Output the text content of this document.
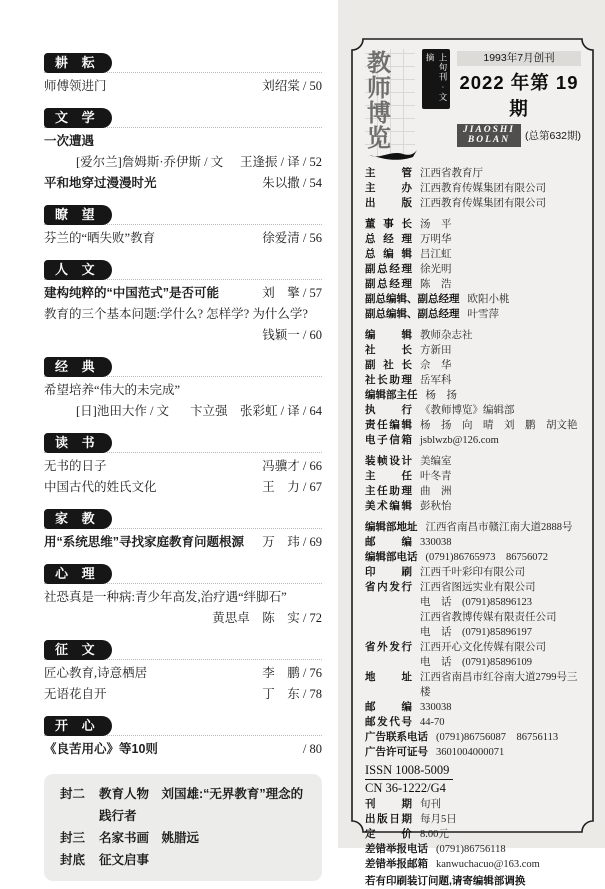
耕 耘
师傅领进门	刘绍棠 / 50
文 学
一次遭遇
[爱尔兰]詹姆斯·乔伊斯 / 文 王逢振 / 译 / 52
平和地穿过漫漫时光	朱以撒 / 54
瞭 望
芬兰的“晒失败”教育	徐爱清 / 56
人 文
建构纯粹的“中国范式”是否可能	刘　擎 / 57
教育的三个基本问题:学什么? 怎样学? 为什么学?
钱颖一 / 60
经 典
希望培养“伟大的未完成”
[日]池田大作 / 文 卞立强　张彩虹 / 译 / 64
读 书
无书的日子	冯骥才 / 66
中国古代的姓氏文化	王　力 / 67
家 教
用“系统思维”寻找家庭教育问题根源 万　玮 / 69
心 理
社恐真是一种病:青少年高发,治疗遇“绊脚石”
黄思卓　陈　实 / 72
征 文
匠心教育,诗意栖居	李　鹏 / 76
无语花自开	丁　东 / 78
开 心
《良苦用心》等10则	/ 80
封二 教育人物　刘国雄:“无界教育”理念的践行者
封三 名家书画　姚腊远
封底 征文启事
教师
博览
上旬刊·文摘	1993年7月创刊
2022 年第 19 期
JIAOSHI BOLAN	(总第632期)
主管 江西省教育厅
主办 江西教育传媒集团有限公司
出版 江西教育传媒集团有限公司
董事长 汤　平
总经理 万明华
总编辑 吕江虹
副总经理 徐光明
副总经理 陈　浩
副总编辑、副总经理 欧阳小桃
副总编辑、副总经理 叶雪萍
编辑 教师杂志社
社长 方新田
副社长 佘　华
社长助理 岳军科
编辑部主任 杨　扬
执行 《教师博览》编辑部
责任编辑 杨　扬　向　晴　刘　鹏　胡文艳
电子信箱 jsblwzb@126.com
装帧设计 美编室
主任 叶冬青
主任助理 曲　洲
美术编辑 彭秋怡
编辑部地址 江西省南昌市赣江南大道2888号
邮编 330038
编辑部电话 (0791)86765973　86756072
印刷 江西千叶彩印有限公司
省内发行 江西省图远实业有限公司
电　话　(0791)85896123
江西省教博传媒有限责任公司
电　话　(0791)85896197
省外发行 江西开心文化传媒有限公司
电　话　(0791)85896109
地址 江西省南昌市红谷南大道2799号三楼
邮编 330038
邮发代号 44-70
广告联系电话 (0791)86756087　86756113
广告许可证号 3601004000071
ISSN 1008-5009
CN 36-1222/G4
刊期 旬刊
出版日期 每月5日
定价 8.00元
差错举报电话 (0791)86756118
差错举报邮箱 kanwuchacuo@163.com
若有印刷装订问题,请寄编辑部调换
